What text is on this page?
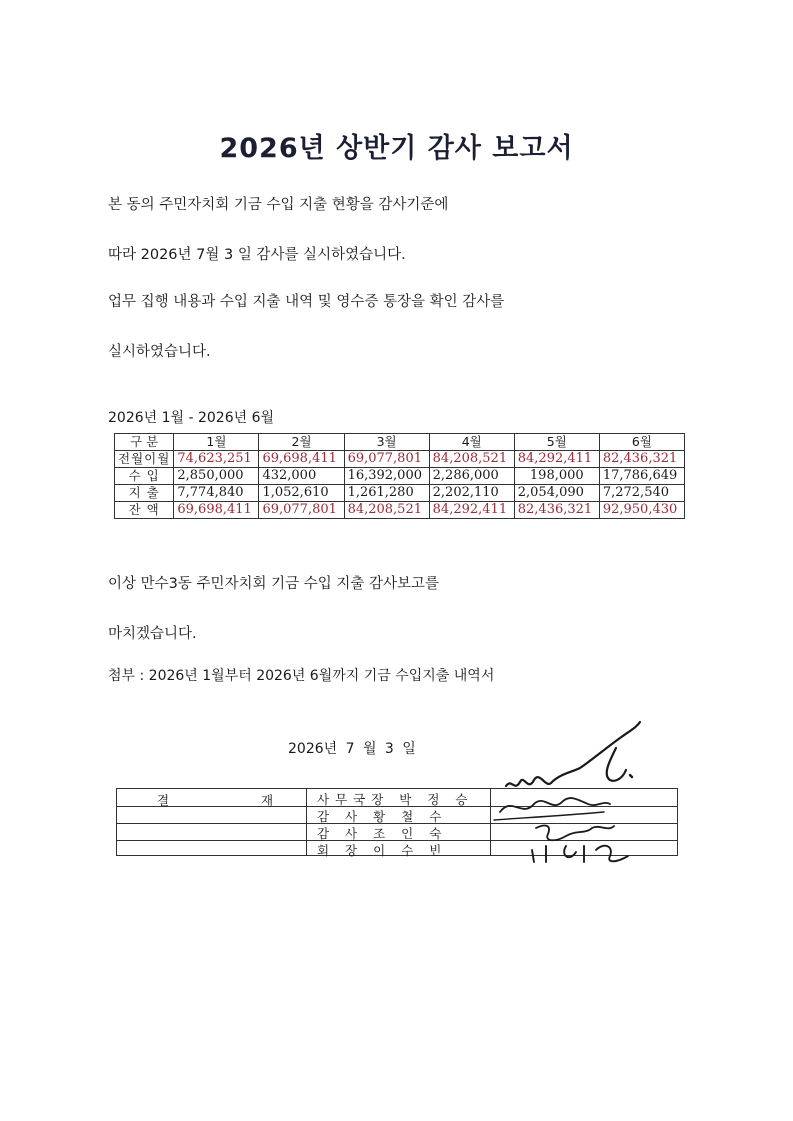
2026년 상반기 감사 보고서
본 동의 주민자치회 기금 수입 지출 현황을 감사기준에
따라 2026년 7월 3 일 감사를 실시하였습니다.
업무 집행 내용과 수입 지출 내역 및 영수증 통장을 확인 감사를
실시하였습니다.
2026년 1월 - 2026년 6월
구 분	1월	2월	3월	4월	5월	6월
전월이월	74,623,251	69,698,411	69,077,801	84,208,521	84,292,411	82,436,321
수 입	2,850,000	432,000	16,392,000	2,286,000	198,000	17,786,649
지 출	7,774,840	1,052,610	1,261,280	2,202,110	2,054,090	7,272,540
잔 액	69,698,411	69,077,801	84,208,521	84,292,411	82,436,321	92,950,430
이상 만수3동 주민자치회 기금 수입 지출 감사보고를
마치겠습니다.
첨부 : 2026년 1월부터 2026년 6월까지 기금 수입지출 내역서
2026년 7 월 3 일
결 재 사무국장 박 정 승
감 사 황 철 수
감 사 조 인 숙
회 장 이 수 빈
